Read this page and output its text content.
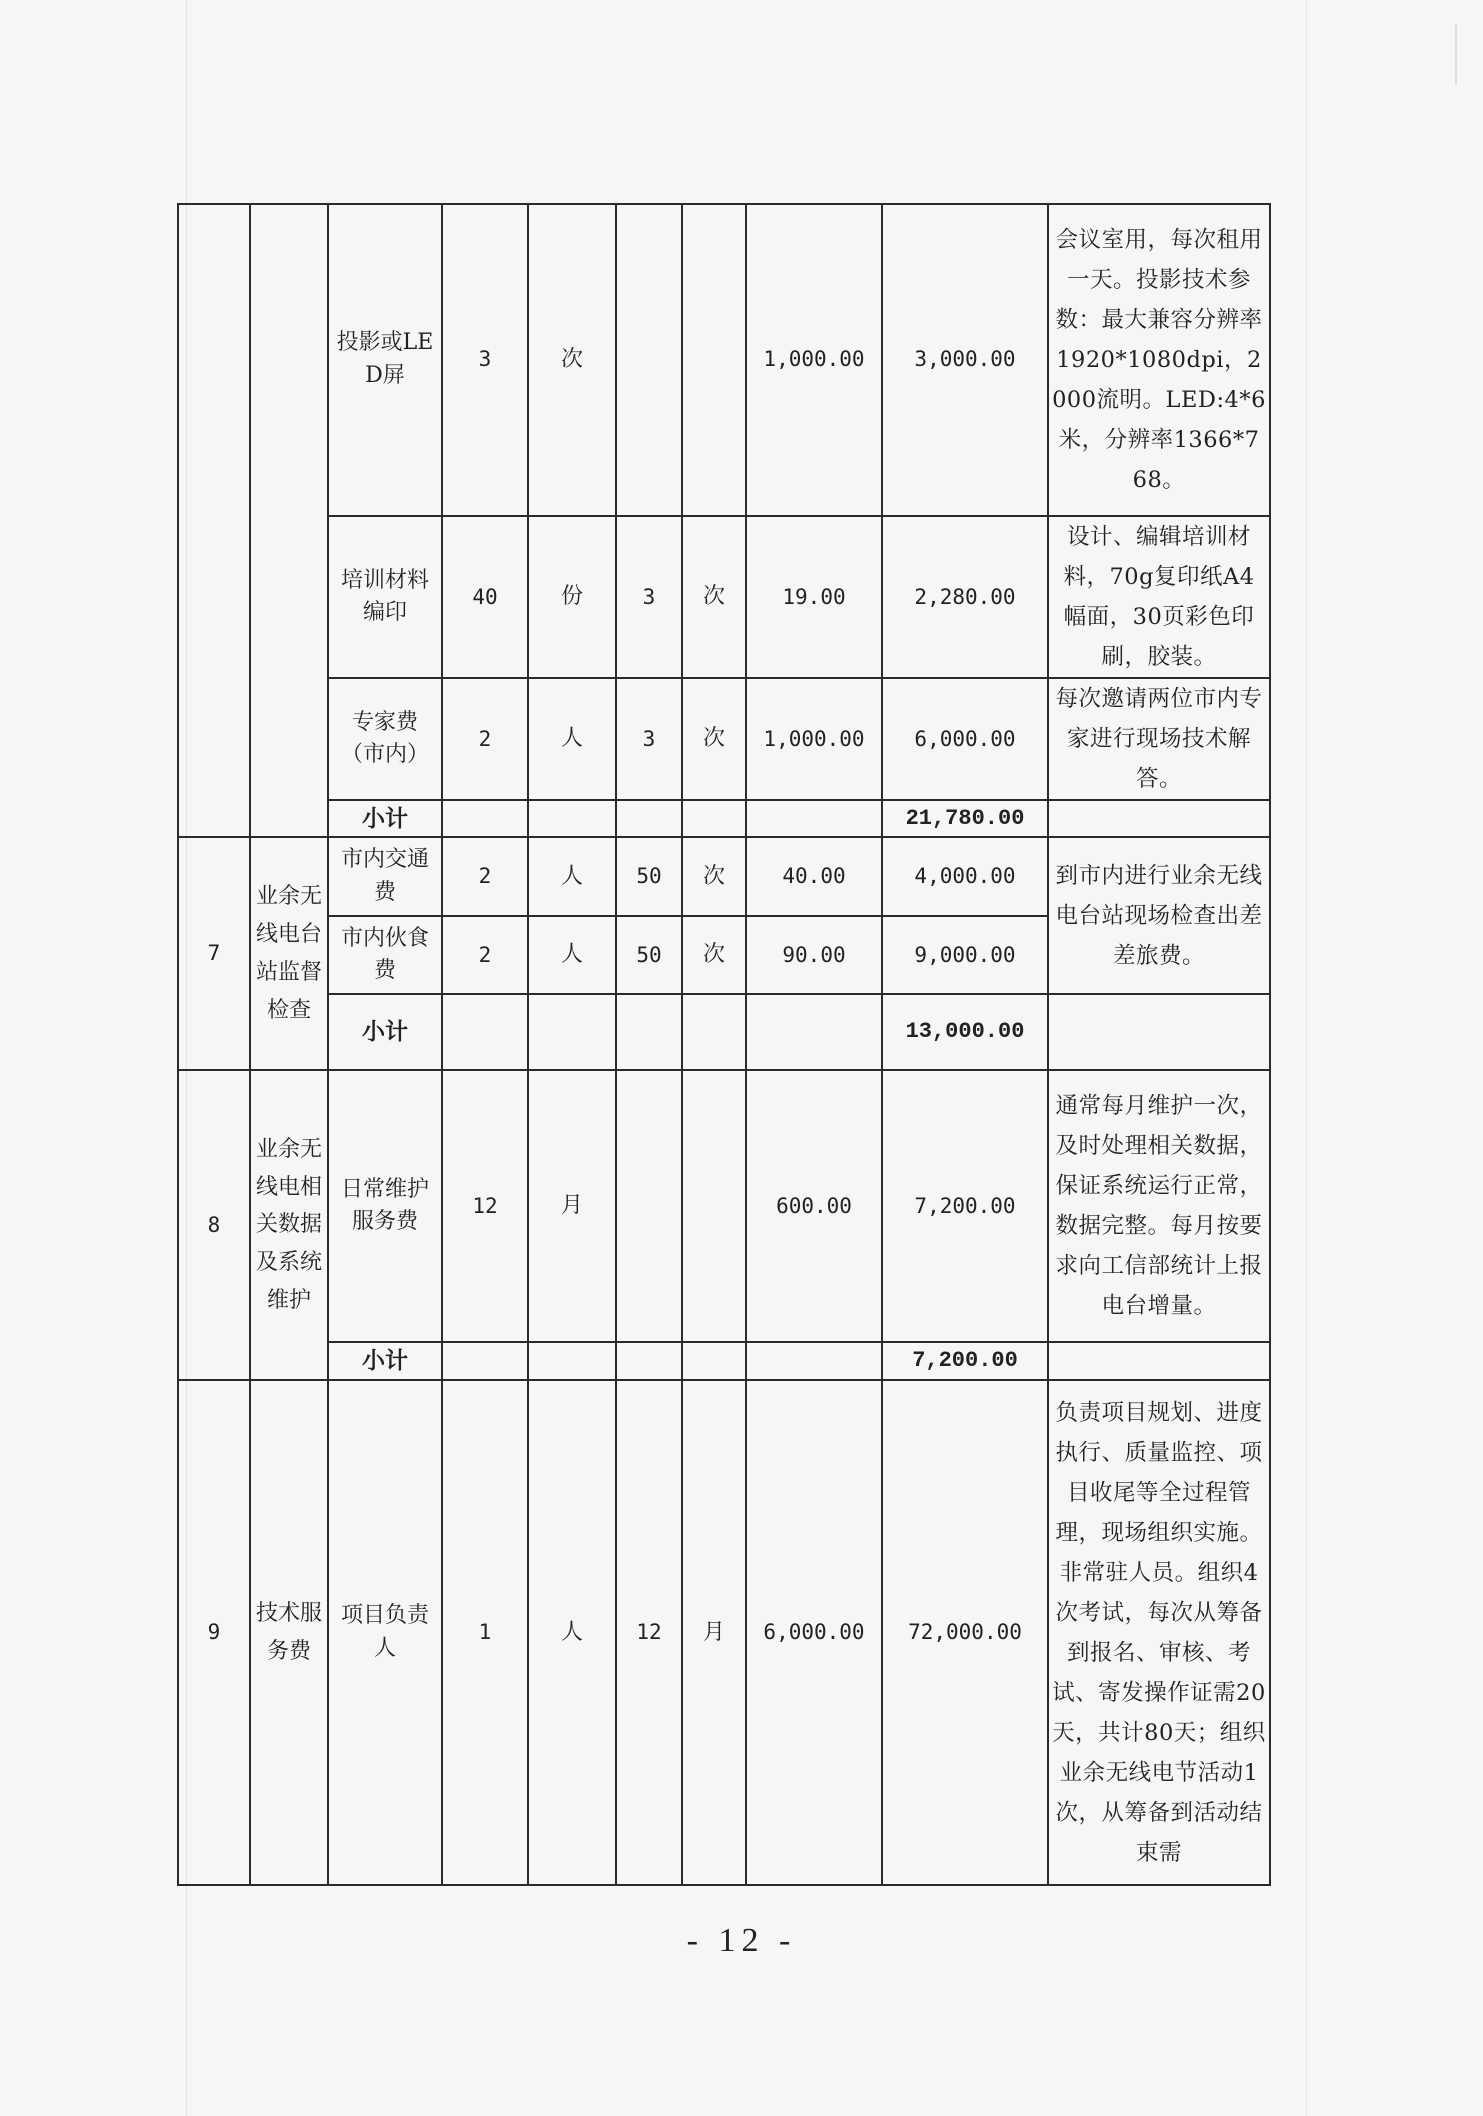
		投影或LED屏	3	次			1,000.00	3,000.00	会议室用，每次租用一天。投影技术参数：最大兼容分辨率1920*1080dpi，2000流明。LED:4*6米，分辨率1366*768。
		培训材料编印	40	份	3	次	19.00	2,280.00	设计、编辑培训材料，70g复印纸A4幅面，30页彩色印刷，胶装。
		专家费（市内）	2	人	3	次	1,000.00	6,000.00	每次邀请两位市内专家进行现场技术解答。
		小计						21,780.00	
7	业余无线电台站监督检查	市内交通费	2	人	50	次	40.00	4,000.00	到市内进行业余无线电台站现场检查出差差旅费。
		市内伙食费	2	人	50	次	90.00	9,000.00	
		小计						13,000.00	
8	业余无线电相关数据及系统维护	日常维护服务费	12	月			600.00	7,200.00	通常每月维护一次，及时处理相关数据，保证系统运行正常，数据完整。每月按要求向工信部统计上报电台增量。
		小计						7,200.00	
9	技术服务费	项目负责人	1	人	12	月	6,000.00	72,000.00	负责项目规划、进度执行、质量监控、项目收尾等全过程管理，现场组织实施。非常驻人员。组织4次考试，每次从筹备到报名、审核、考试、寄发操作证需20天，共计80天；组织业余无线电节活动1次，从筹备到活动结束需
- 12 -
